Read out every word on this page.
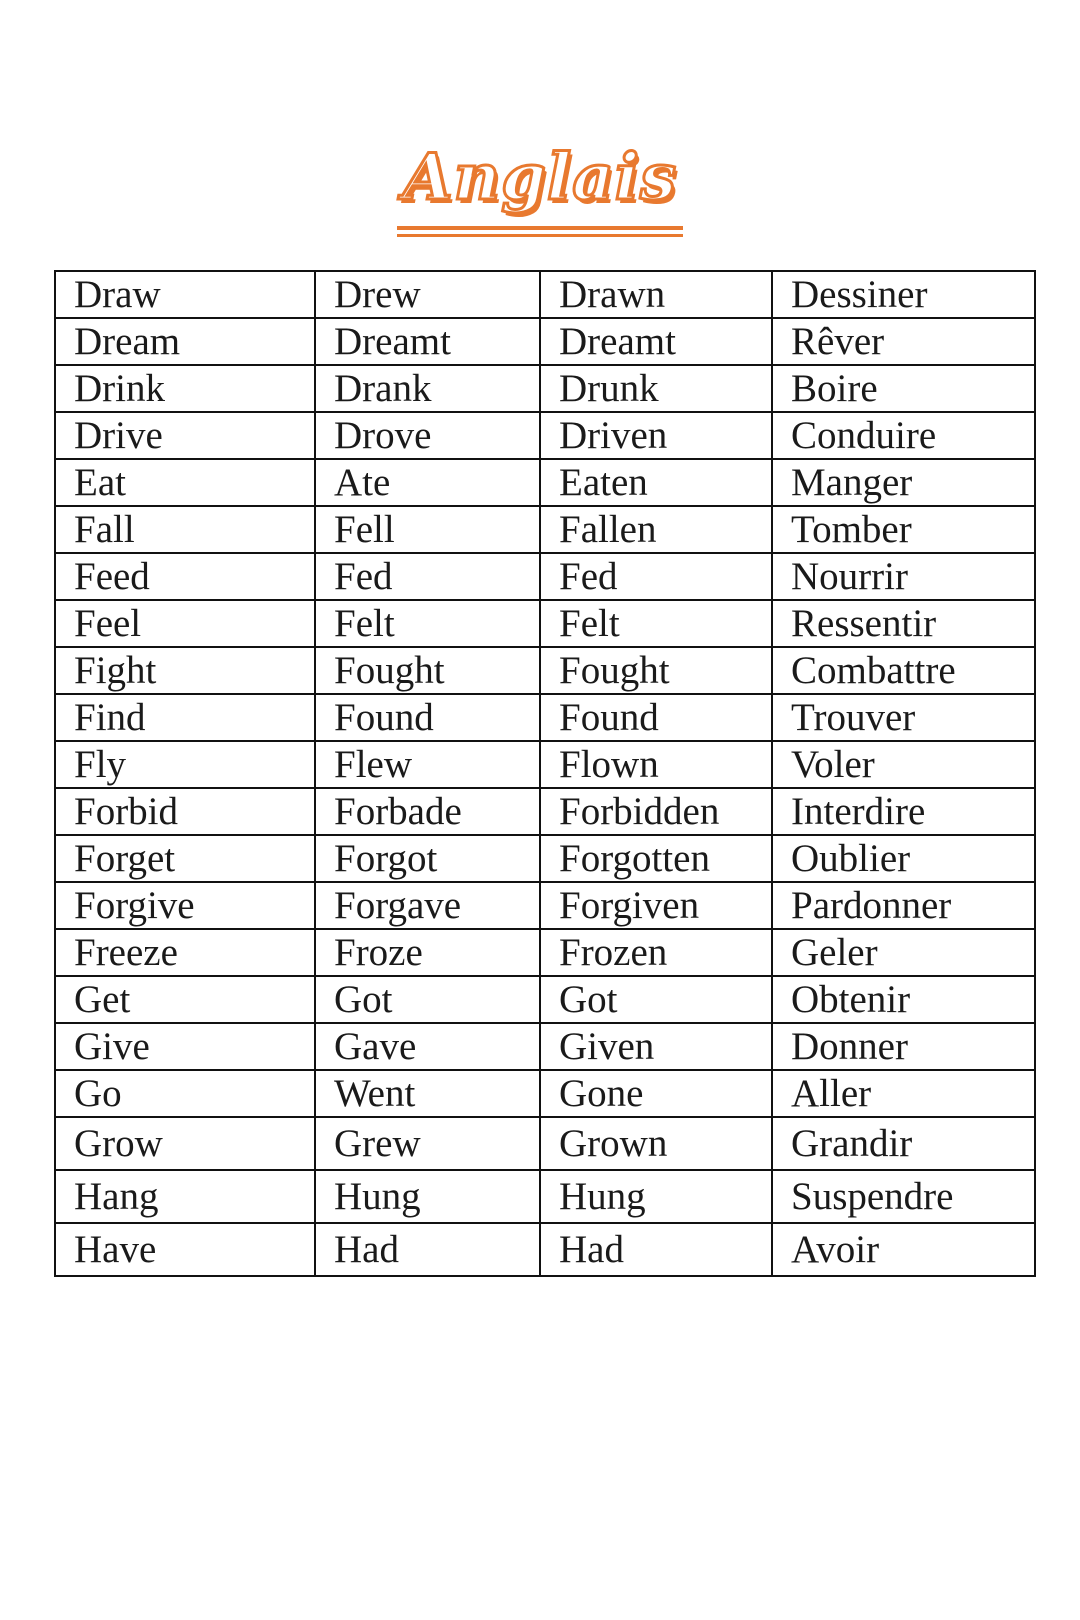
Anglais
Draw	Drew	Drawn	Dessiner
Dream	Dreamt	Dreamt	Rêver
Drink	Drank	Drunk	Boire
Drive	Drove	Driven	Conduire
Eat	Ate	Eaten	Manger
Fall	Fell	Fallen	Tomber
Feed	Fed	Fed	Nourrir
Feel	Felt	Felt	Ressentir
Fight	Fought	Fought	Combattre
Find	Found	Found	Trouver
Fly	Flew	Flown	Voler
Forbid	Forbade	Forbidden	Interdire
Forget	Forgot	Forgotten	Oublier
Forgive	Forgave	Forgiven	Pardonner
Freeze	Froze	Frozen	Geler
Get	Got	Got	Obtenir
Give	Gave	Given	Donner
Go	Went	Gone	Aller
Grow	Grew	Grown	Grandir
Hang	Hung	Hung	Suspendre
Have	Had	Had	Avoir
